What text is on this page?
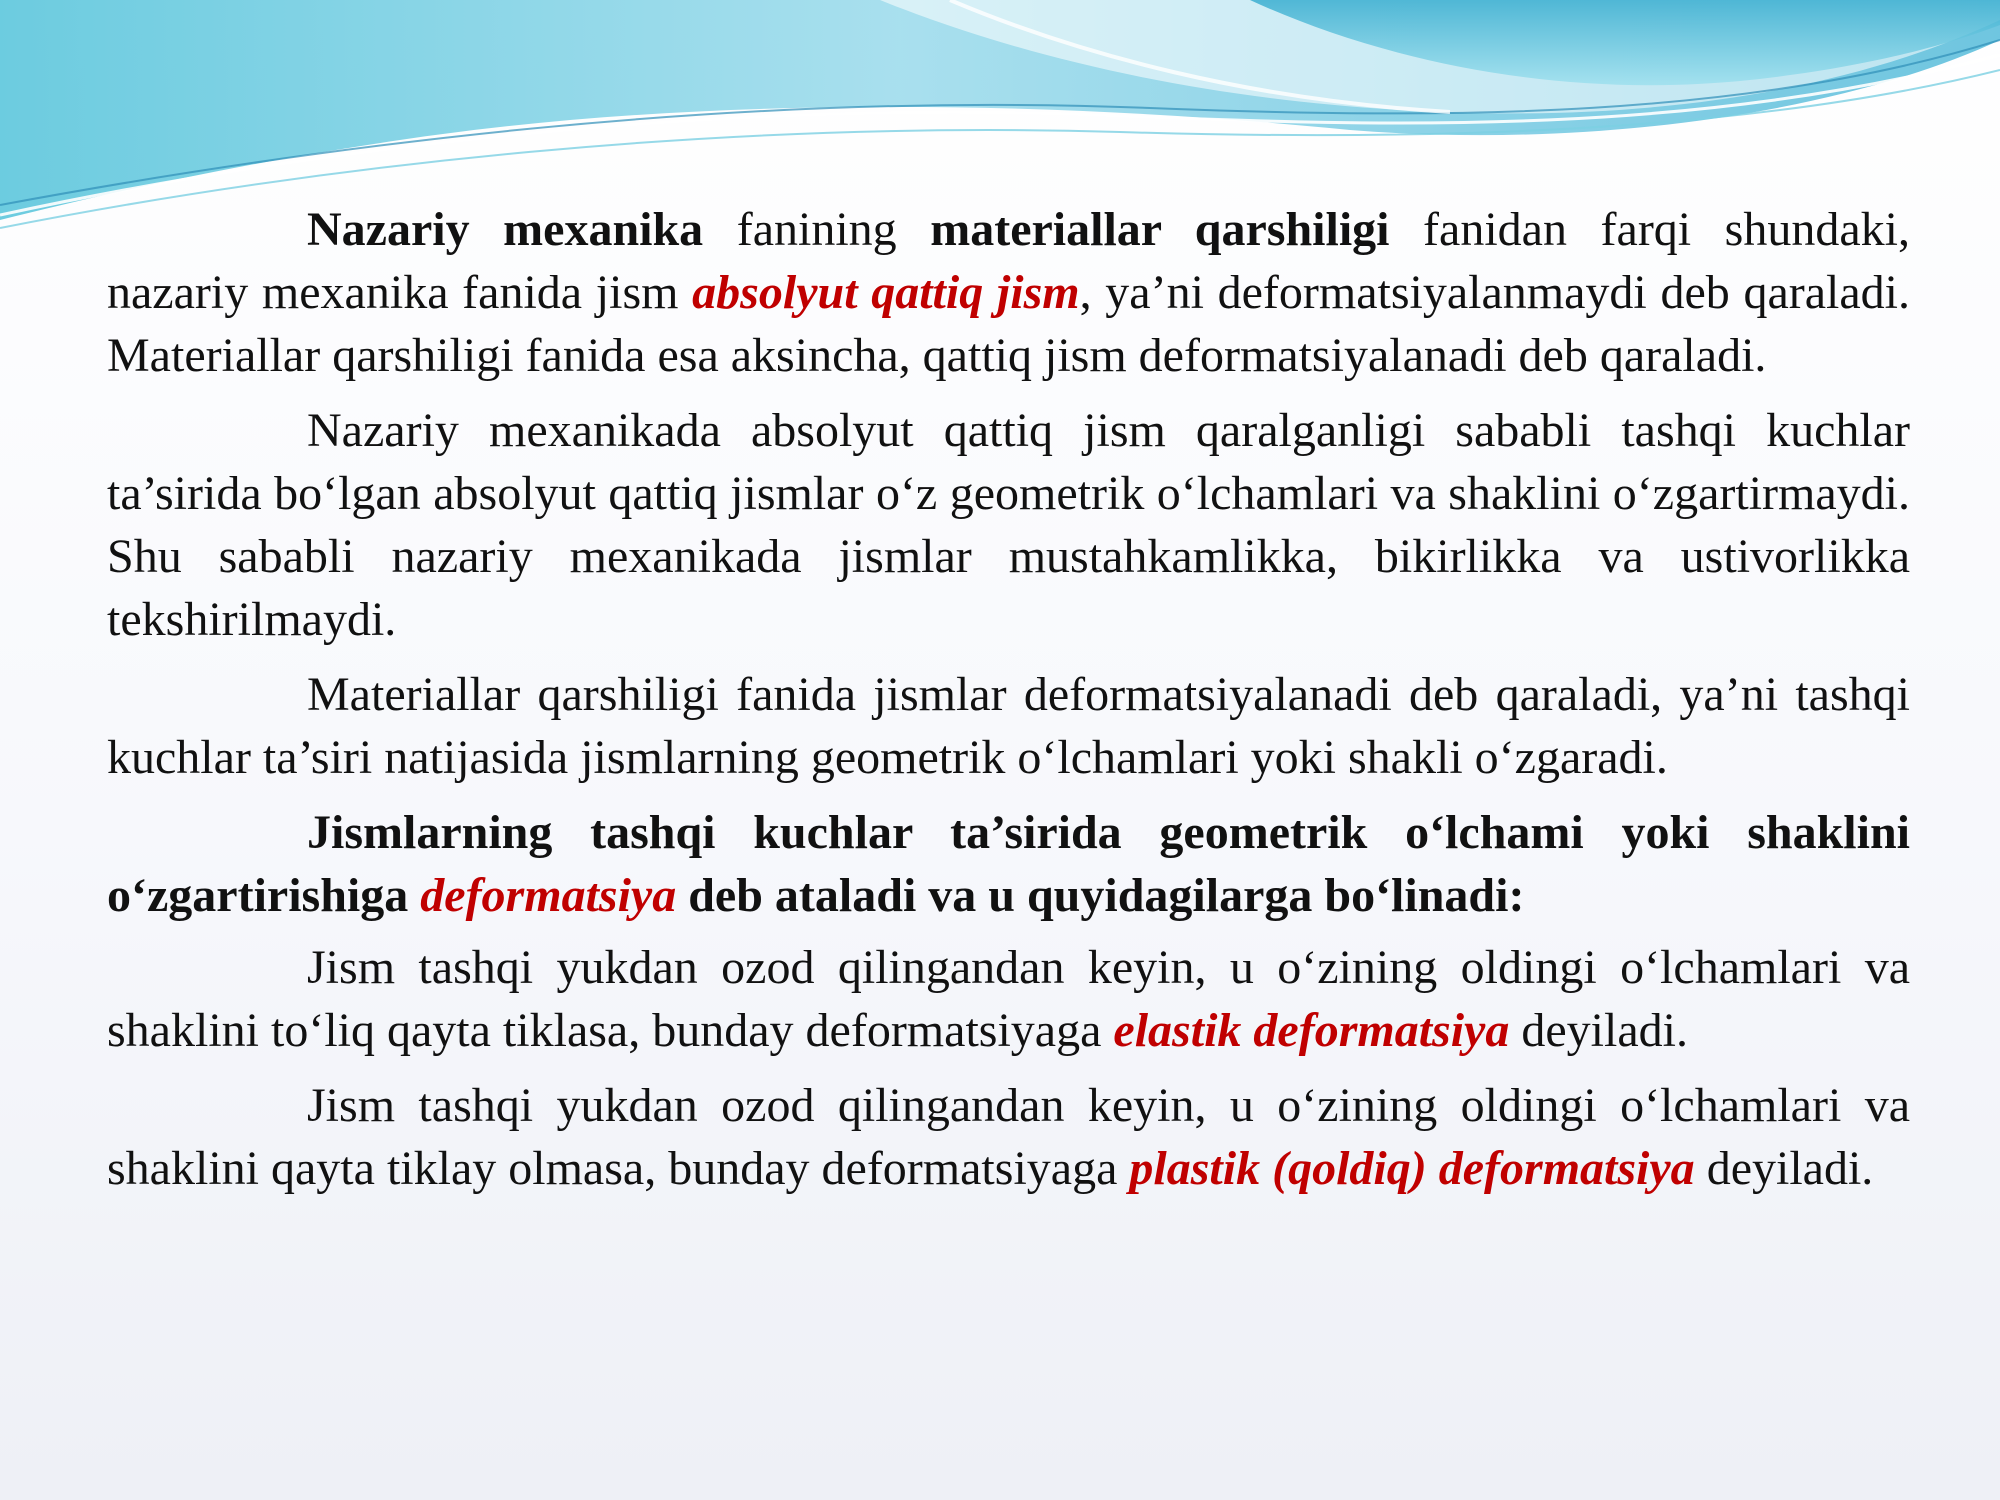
Nazariy mexanika fanining materiallar qarshiligi fanidan farqi shundaki, nazariy mexanika fanida jism absolyut qattiq jism, ya’ni deformatsiyalanmaydi deb qaraladi. Materiallar qarshiligi fanida esa aksincha, qattiq jism deformatsiyalanadi deb qaraladi.

Nazariy mexanikada absolyut qattiq jism qaralganligi sababli tashqi kuchlar ta’sirida bo‘lgan absolyut qattiq jismlar o‘z geometrik o‘lchamlari va shaklini o‘zgartirmaydi. Shu sababli nazariy mexanikada jismlar mustahkamlikka, bikirlikka va ustivorlikka tekshirilmaydi.

Materiallar qarshiligi fanida jismlar deformatsiyalanadi deb qaraladi, ya’ni tashqi kuchlar ta’siri natijasida jismlarning geometrik o‘lchamlari yoki shakli o‘zgaradi.

Jismlarning tashqi kuchlar ta’sirida geometrik o‘lchami yoki shaklini o‘zgartirishiga deformatsiya deb ataladi va u quyidagilarga bo‘linadi:

Jism tashqi yukdan ozod qilingandan keyin, u o‘zining oldingi o‘lchamlari va shaklini to‘liq qayta tiklasa, bunday deformatsiyaga elastik deformatsiya deyiladi.

Jism tashqi yukdan ozod qilingandan keyin, u o‘zining oldingi o‘lchamlari va shaklini qayta tiklay olmasa, bunday deformatsiyaga plastik (qoldiq) deformatsiya deyiladi.
